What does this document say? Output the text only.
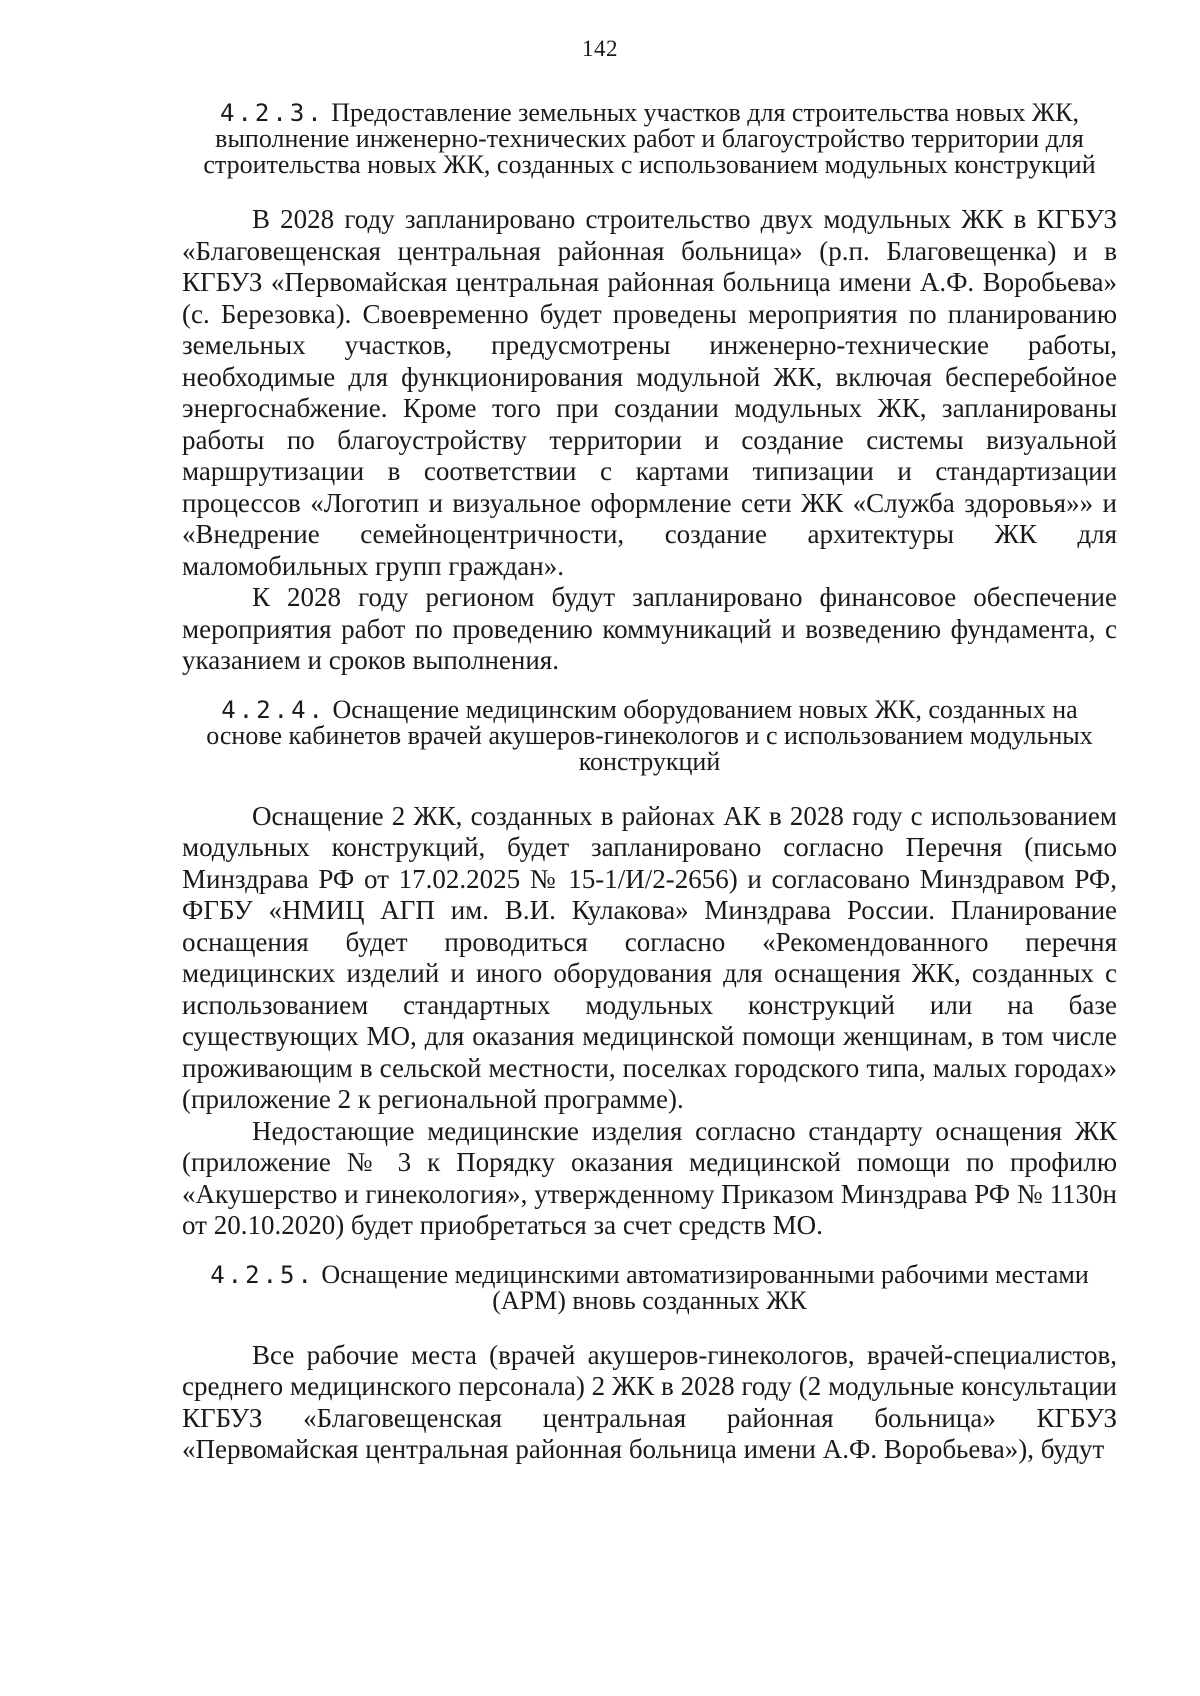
142
4.2.3. Предоставление земельных участков для строительства новых ЖК, выполнение инженерно-технических работ и благоустройство территории для строительства новых ЖК, созданных с использованием модульных конструкций

В 2028 году запланировано строительство двух модульных ЖК в КГБУЗ «Благовещенская центральная районная больница» (р.п. Благовещенка) и в КГБУЗ «Первомайская центральная районная больница имени А.Ф. Воробьева» (с. Березовка). Своевременно будет проведены мероприятия по планированию земельных участков, предусмотрены инженерно-технические работы, необходимые для функционирования модульной ЖК, включая бесперебойное энергоснабжение. Кроме того при создании модульных ЖК, запланированы работы по благоустройству территории и создание системы визуальной маршрутизации в соответствии с картами типизации и стандартизации процессов «Логотип и визуальное оформление сети ЖК «Служба здоровья»» и «Внедрение семейноцентричности, создание архитектуры ЖК для маломобильных групп граждан».

К 2028 году регионом будут запланировано финансовое обеспечение мероприятия работ по проведению коммуникаций и возведению фундамента, с указанием и сроков выполнения.

4.2.4. Оснащение медицинским оборудованием новых ЖК, созданных на основе кабинетов врачей акушеров-гинекологов и с использованием модульных конструкций

Оснащение 2 ЖК, созданных в районах АК в 2028 году с использованием модульных конструкций, будет запланировано согласно Перечня (письмо Минздрава РФ от 17.02.2025 № 15-1/И/2-2656) и согласовано Минздравом РФ, ФГБУ «НМИЦ АГП им. В.И. Кулакова» Минздрава России. Планирование оснащения будет проводиться согласно «Рекомендованного перечня медицинских изделий и иного оборудования для оснащения ЖК, созданных с использованием стандартных модульных конструкций или на базе существующих МО, для оказания медицинской помощи женщинам, в том числе проживающим в сельской местности, поселках городского типа, малых городах» (приложение 2 к региональной программе).

Недостающие медицинские изделия согласно стандарту оснащения ЖК (приложение № 3 к Порядку оказания медицинской помощи по профилю «Акушерство и гинекология», утвержденному Приказом Минздрава РФ № 1130н от 20.10.2020) будет приобретаться за счет средств МО.

4.2.5. Оснащение медицинскими автоматизированными рабочими местами (АРМ) вновь созданных ЖК

Все рабочие места (врачей акушеров-гинекологов, врачей-специалистов, среднего медицинского персонала) 2 ЖК в 2028 году (2 модульные консультации КГБУЗ «Благовещенская центральная районная больница» КГБУЗ «Первомайская центральная районная больница имени А.Ф. Воробьева»), будут
